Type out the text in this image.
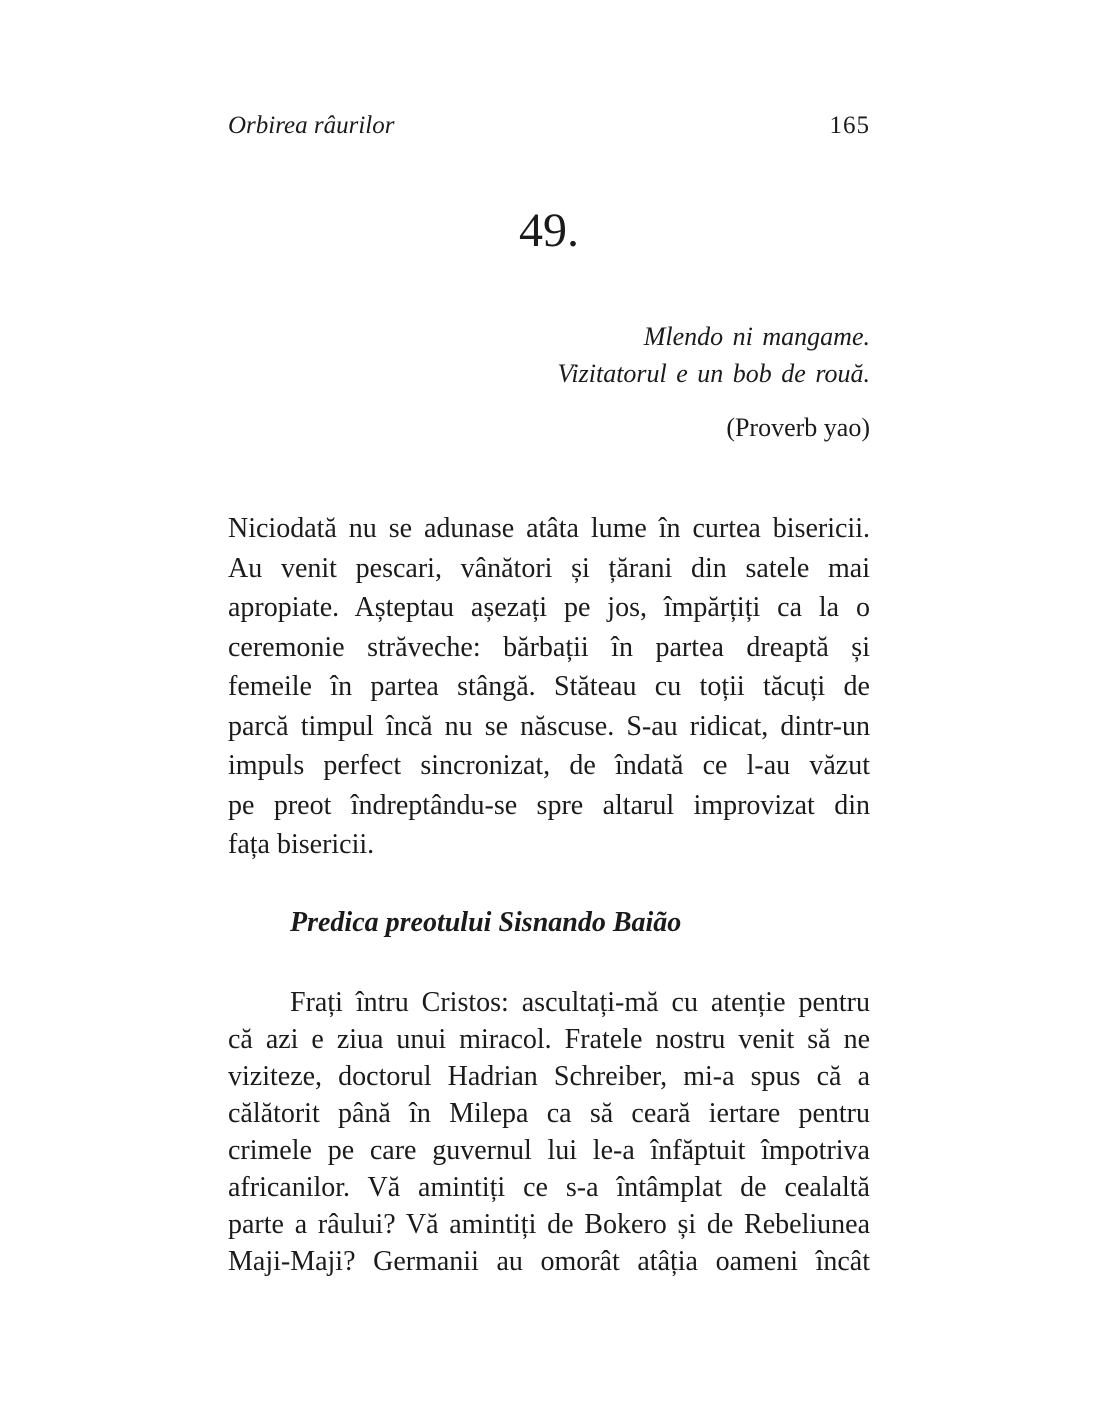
Orbirea râurilor	165
49.
Mlendo ni mangame.
Vizitatorul e un bob de rouă.
(Proverb yao)
Niciodată nu se adunase atâta lume în curtea bisericii.
Au venit pescari, vânători și țărani din satele mai
apropiate. Așteptau așezați pe jos, împărțiți ca la o
ceremonie străveche: bărbații în partea dreaptă și
femeile în partea stângă. Stăteau cu toții tăcuți de
parcă timpul încă nu se născuse. S-au ridicat, dintr-un
impuls perfect sincronizat, de îndată ce l-au văzut
pe preot îndreptându-se spre altarul improvizat din
fața bisericii.
Predica preotului Sisnando Baião
Frați întru Cristos: ascultați-mă cu atenție pentru
că azi e ziua unui miracol. Fratele nostru venit să ne
viziteze, doctorul Hadrian Schreiber, mi-a spus că a
călătorit până în Milepa ca să ceară iertare pentru
crimele pe care guvernul lui le-a înfăptuit împotriva
africanilor. Vă amintiți ce s-a întâmplat de cealaltă
parte a râului? Vă amintiți de Bokero și de Rebeliunea
Maji-Maji? Germanii au omorât atâția oameni încât
